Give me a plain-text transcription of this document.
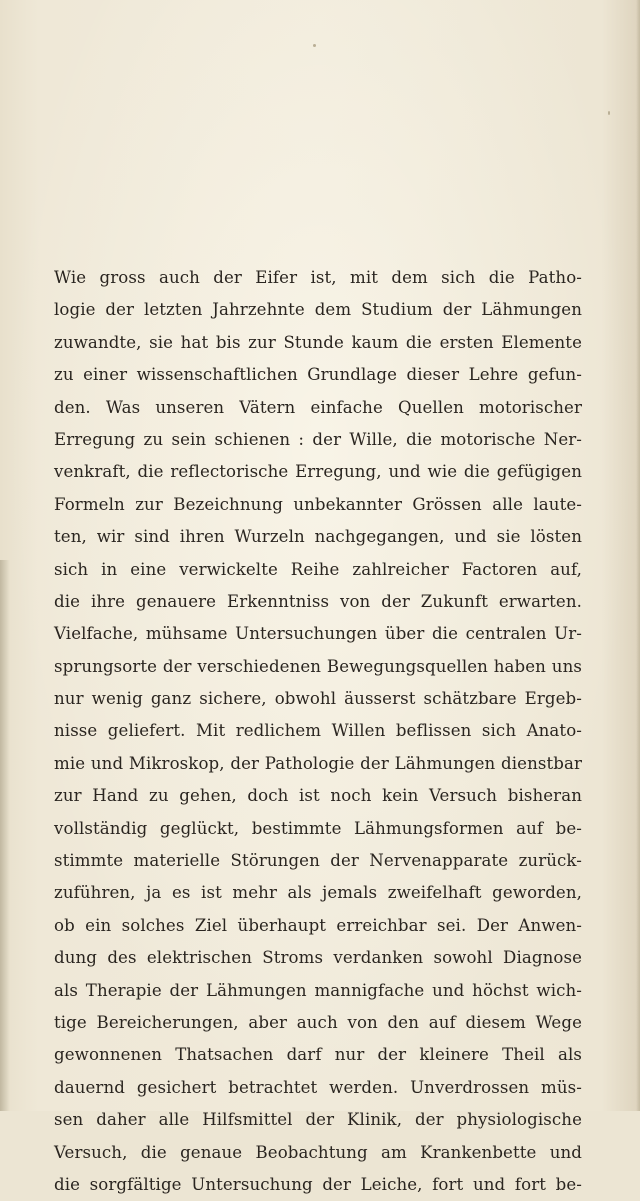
Wie gross auch der Eifer ist, mit dem sich die Patho-
logie der letzten Jahrzehnte dem Studium der Lähmungen
zuwandte, sie hat bis zur Stunde kaum die ersten Elemente
zu einer wissenschaftlichen Grundlage dieser Lehre gefun-
den. Was unseren Vätern einfache Quellen motorischer
Erregung zu sein schienen : der Wille, die motorische Ner-
venkraft, die reflectorische Erregung, und wie die gefügigen
Formeln zur Bezeichnung unbekannter Grössen alle laute-
ten, wir sind ihren Wurzeln nachgegangen, und sie lösten
sich in eine verwickelte Reihe zahlreicher Factoren auf,
die ihre genauere Erkenntniss von der Zukunft erwarten.
Vielfache, mühsame Untersuchungen über die centralen Ur-
sprungsorte der verschiedenen Bewegungsquellen haben uns
nur wenig ganz sichere, obwohl äusserst schätzbare Ergeb-
nisse geliefert. Mit redlichem Willen beflissen sich Anato-
mie und Mikroskop, der Pathologie der Lähmungen dienstbar
zur Hand zu gehen, doch ist noch kein Versuch bisheran
vollständig geglückt, bestimmte Lähmungsformen auf be-
stimmte materielle Störungen der Nervenapparate zurück-
zuführen, ja es ist mehr als jemals zweifelhaft geworden,
ob ein solches Ziel überhaupt erreichbar sei. Der Anwen-
dung des elektrischen Stroms verdanken sowohl Diagnose
als Therapie der Lähmungen mannigfache und höchst wich-
tige Bereicherungen, aber auch von den auf diesem Wege
gewonnenen Thatsachen darf nur der kleinere Theil als
dauernd gesichert betrachtet werden. Unverdrossen müs-
sen daher alle Hilfsmittel der Klinik, der physiologische
Versuch, die genaue Beobachtung am Krankenbette und
die sorgfältige Untersuchung der Leiche, fort und fort be-
